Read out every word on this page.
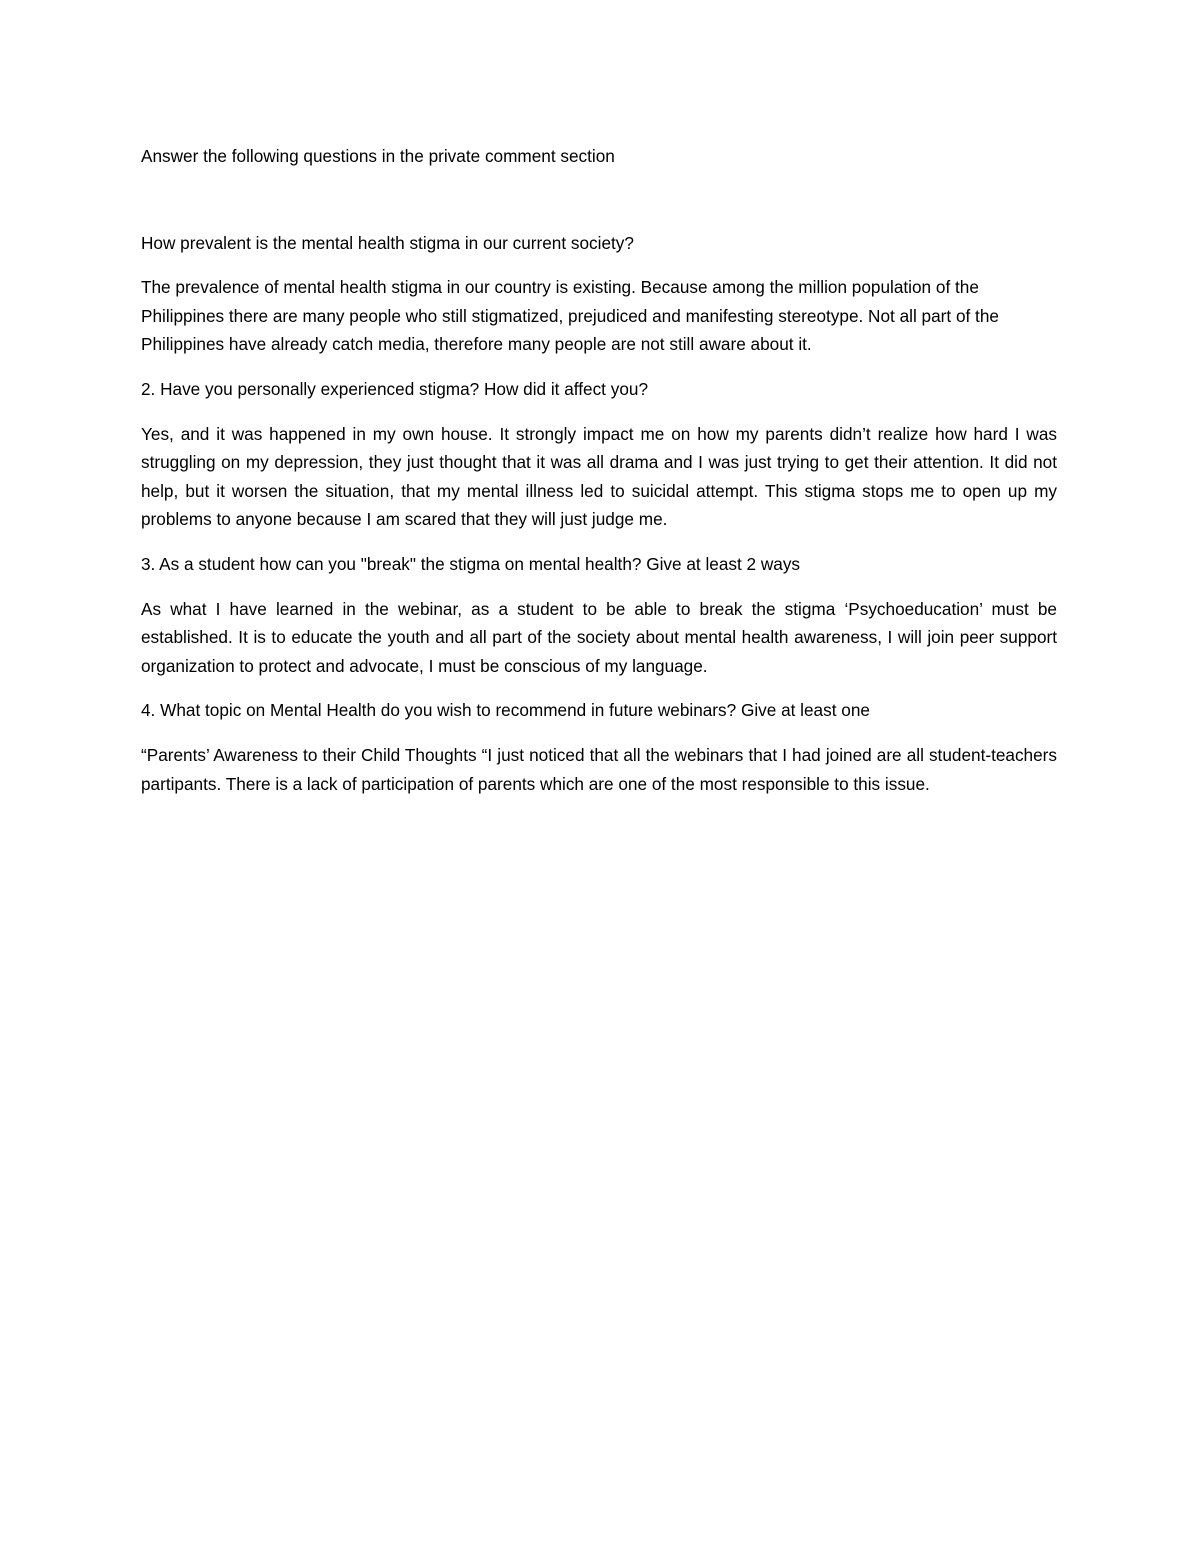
Answer the following questions in the private comment section

How prevalent is the mental health stigma in our current society?

The prevalence of mental health stigma in our country is existing. Because among the million population of the Philippines there are many people who still stigmatized, prejudiced and manifesting stereotype. Not all part of the Philippines have already catch media, therefore many people are not still aware about it.

2. Have you personally experienced stigma? How did it affect you?

Yes, and it was happened in my own house. It strongly impact me on how my parents didn’t realize how hard I was struggling on my depression, they just thought that it was all drama and I was just trying to get their attention. It did not help, but it worsen the situation, that my mental illness led to suicidal attempt. This stigma stops me to open up my problems to anyone because I am scared that they will just judge me.

3. As a student how can you "break" the stigma on mental health? Give at least 2 ways

As what I have learned in the webinar, as a student to be able to break the stigma ‘Psychoeducation’ must be established. It is to educate the youth and all part of the society about mental health awareness, I will join peer support organization to protect and advocate, I must be conscious of my language.

4. What topic on Mental Health do you wish to recommend in future webinars? Give at least one

“Parents’ Awareness to their Child Thoughts “I just noticed that all the webinars that I had joined are all student-teachers partipants. There is a lack of participation of parents which are one of the most responsible to this issue.
